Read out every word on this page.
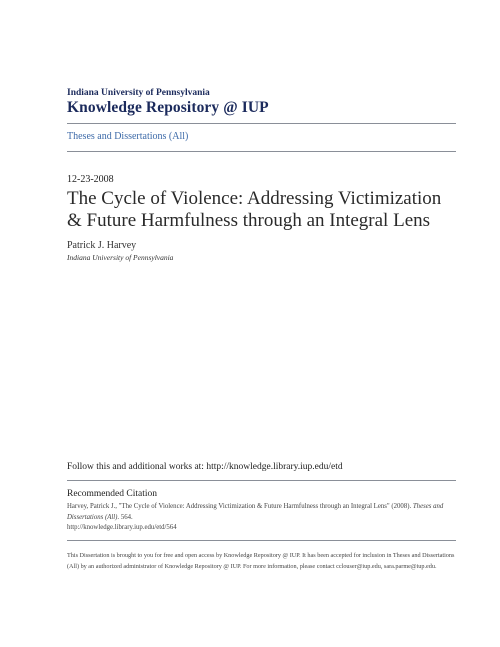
Indiana University of Pennsylvania
Knowledge Repository @ IUP
Theses and Dissertations (All)
12-23-2008
The Cycle of Violence: Addressing Victimization & Future Harmfulness through an Integral Lens
Patrick J. Harvey
Indiana University of Pennsylvania
Follow this and additional works at: http://knowledge.library.iup.edu/etd
Recommended Citation
Harvey, Patrick J., "The Cycle of Violence: Addressing Victimization & Future Harmfulness through an Integral Lens" (2008). Theses and Dissertations (All). 564.
http://knowledge.library.iup.edu/etd/564
This Dissertation is brought to you for free and open access by Knowledge Repository @ IUP. It has been accepted for inclusion in Theses and Dissertations (All) by an authorized administrator of Knowledge Repository @ IUP. For more information, please contact cclouser@iup.edu, sara.parme@iup.edu.
